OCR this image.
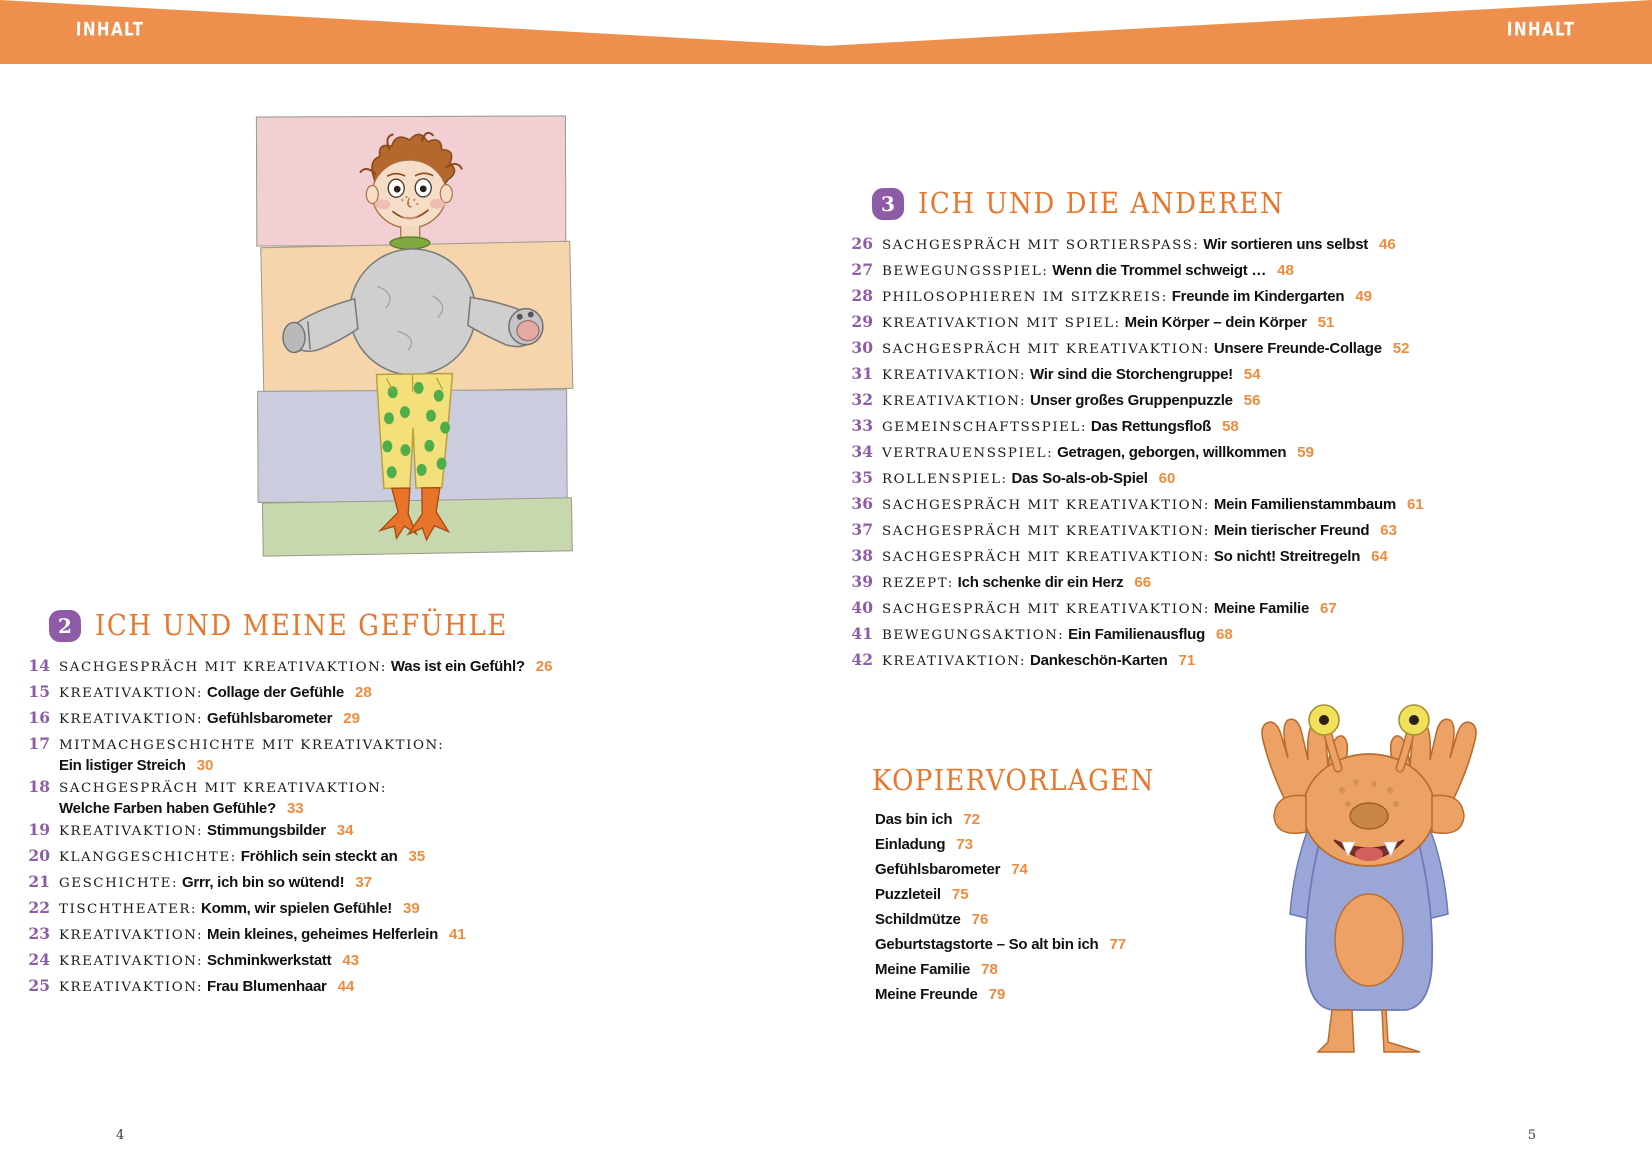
INHALT	INHALT
2 ICH UND MEINE GEFÜHLE
14 SACHGESPRÄCH MIT KREATIVAKTION: Was ist ein Gefühl? 26
15 KREATIVAKTION: Collage der Gefühle 28
16 KREATIVAKTION: Gefühlsbarometer 29
17 MITMACHGESCHICHTE MIT KREATIVAKTION:
Ein listiger Streich 30
18 SACHGESPRÄCH MIT KREATIVAKTION:
Welche Farben haben Gefühle? 33
19 KREATIVAKTION: Stimmungsbilder 34
20 KLANGGESCHICHTE: Fröhlich sein steckt an 35
21 GESCHICHTE: Grrr, ich bin so wütend! 37
22 TISCHTHEATER: Komm, wir spielen Gefühle! 39
23 KREATIVAKTION: Mein kleines, geheimes Helferlein 41
24 KREATIVAKTION: Schminkwerkstatt 43
25 KREATIVAKTION: Frau Blumenhaar 44
4
3 ICH UND DIE ANDEREN
26 SACHGESPRÄCH MIT SORTIERSPASS: Wir sortieren uns selbst 46
27 BEWEGUNGSSPIEL: Wenn die Trommel schweigt … 48
28 PHILOSOPHIEREN IM SITZKREIS: Freunde im Kindergarten 49
29 KREATIVAKTION MIT SPIEL: Mein Körper – dein Körper 51
30 SACHGESPRÄCH MIT KREATIVAKTION: Unsere Freunde-Collage 52
31 KREATIVAKTION: Wir sind die Storchengruppe! 54
32 KREATIVAKTION: Unser großes Gruppenpuzzle 56
33 GEMEINSCHAFTSSPIEL: Das Rettungsfloß 58
34 VERTRAUENSSPIEL: Getragen, geborgen, willkommen 59
35 ROLLENSPIEL: Das So-als-ob-Spiel 60
36 SACHGESPRÄCH MIT KREATIVAKTION: Mein Familienstammbaum 61
37 SACHGESPRÄCH MIT KREATIVAKTION: Mein tierischer Freund 63
38 SACHGESPRÄCH MIT KREATIVAKTION: So nicht! Streitregeln 64
39 REZEPT: Ich schenke dir ein Herz 66
40 SACHGESPRÄCH MIT KREATIVAKTION: Meine Familie 67
41 BEWEGUNGSAKTION: Ein Familienausflug 68
42 KREATIVAKTION: Dankeschön-Karten 71
KOPIERVORLAGEN
Das bin ich 72
Einladung 73
Gefühlsbarometer 74
Puzzleteil 75
Schildmütze 76
Geburtstagstorte – So alt bin ich 77
Meine Familie 78
Meine Freunde 79
5
